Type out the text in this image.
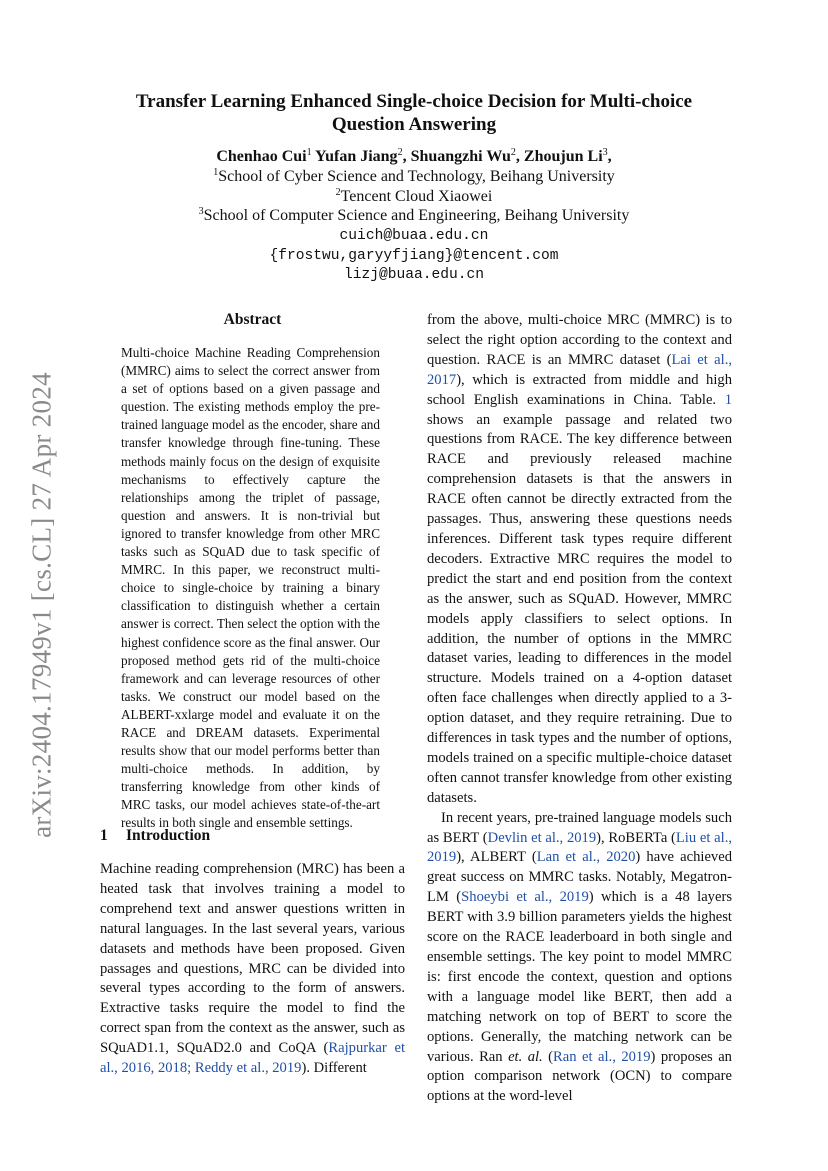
arXiv:2404.17949v1 [cs.CL] 27 Apr 2024
Transfer Learning Enhanced Single-choice Decision for Multi-choice Question Answering
Chenhao Cui$^1$ Yufan Jiang$^2$, Shuangzhi Wu$^2$, Zhoujun Li$^3$,
$^1$School of Cyber Science and Technology, Beihang University
$^2$Tencent Cloud Xiaowei
$^3$School of Computer Science and Engineering, Beihang University
cuich@buaa.edu.cn
{frostwu,garyyfjiang}@tencent.com
lizj@buaa.edu.cn
Abstract

Multi-choice Machine Reading Comprehension (MMRC) aims to select the correct answer from a set of options based on a given passage and question. The existing methods employ the pre-trained language model as the encoder, share and transfer knowledge through fine-tuning. These methods mainly focus on the design of exquisite mechanisms to effectively capture the relationships among the triplet of passage, question and answers. It is non-trivial but ignored to transfer knowledge from other MRC tasks such as SQuAD due to task specific of MMRC. In this paper, we reconstruct multi-choice to single-choice by training a binary classification to distinguish whether a certain answer is correct. Then select the option with the highest confidence score as the final answer. Our proposed method gets rid of the multi-choice framework and can leverage resources of other tasks. We construct our model based on the ALBERT-xxlarge model and evaluate it on the RACE and DREAM datasets. Experimental results show that our model performs better than multi-choice methods. In addition, by transferring knowledge from other kinds of MRC tasks, our model achieves state-of-the-art results in both single and ensemble settings.

1 Introduction

Machine reading comprehension (MRC) has been a heated task that involves training a model to comprehend text and answer questions written in natural languages. In the last several years, various datasets and methods have been proposed. Given passages and questions, MRC can be divided into several types according to the form of answers. Extractive tasks require the model to find the correct span from the context as the answer, such as SQuAD1.1, SQuAD2.0 and CoQA (Rajpurkar et al., 2016, 2018; Reddy et al., 2019). Different

from the above, multi-choice MRC (MMRC) is to select the right option according to the context and question. RACE is an MMRC dataset (Lai et al., 2017), which is extracted from middle and high school English examinations in China. Table. 1 shows an example passage and related two questions from RACE. The key difference between RACE and previously released machine comprehension datasets is that the answers in RACE often cannot be directly extracted from the passages. Thus, answering these questions needs inferences. Different task types require different decoders. Extractive MRC requires the model to predict the start and end position from the context as the answer, such as SQuAD. However, MMRC models apply classifiers to select options. In addition, the number of options in the MMRC dataset varies, leading to differences in the model structure. Models trained on a 4-option dataset often face challenges when directly applied to a 3-option dataset, and they require retraining. Due to differences in task types and the number of options, models trained on a specific multiple-choice dataset often cannot transfer knowledge from other existing datasets.

In recent years, pre-trained language models such as BERT (Devlin et al., 2019), RoBERTa (Liu et al., 2019), ALBERT (Lan et al., 2020) have achieved great success on MMRC tasks. Notably, Megatron-LM (Shoeybi et al., 2019) which is a 48 layers BERT with 3.9 billion parameters yields the highest score on the RACE leaderboard in both single and ensemble settings. The key point to model MMRC is: first encode the context, question and options with a language model like BERT, then add a matching network on top of BERT to score the options. Generally, the matching network can be various. Ran et. al. (Ran et al., 2019) proposes an option comparison network (OCN) to compare options at the word-level
